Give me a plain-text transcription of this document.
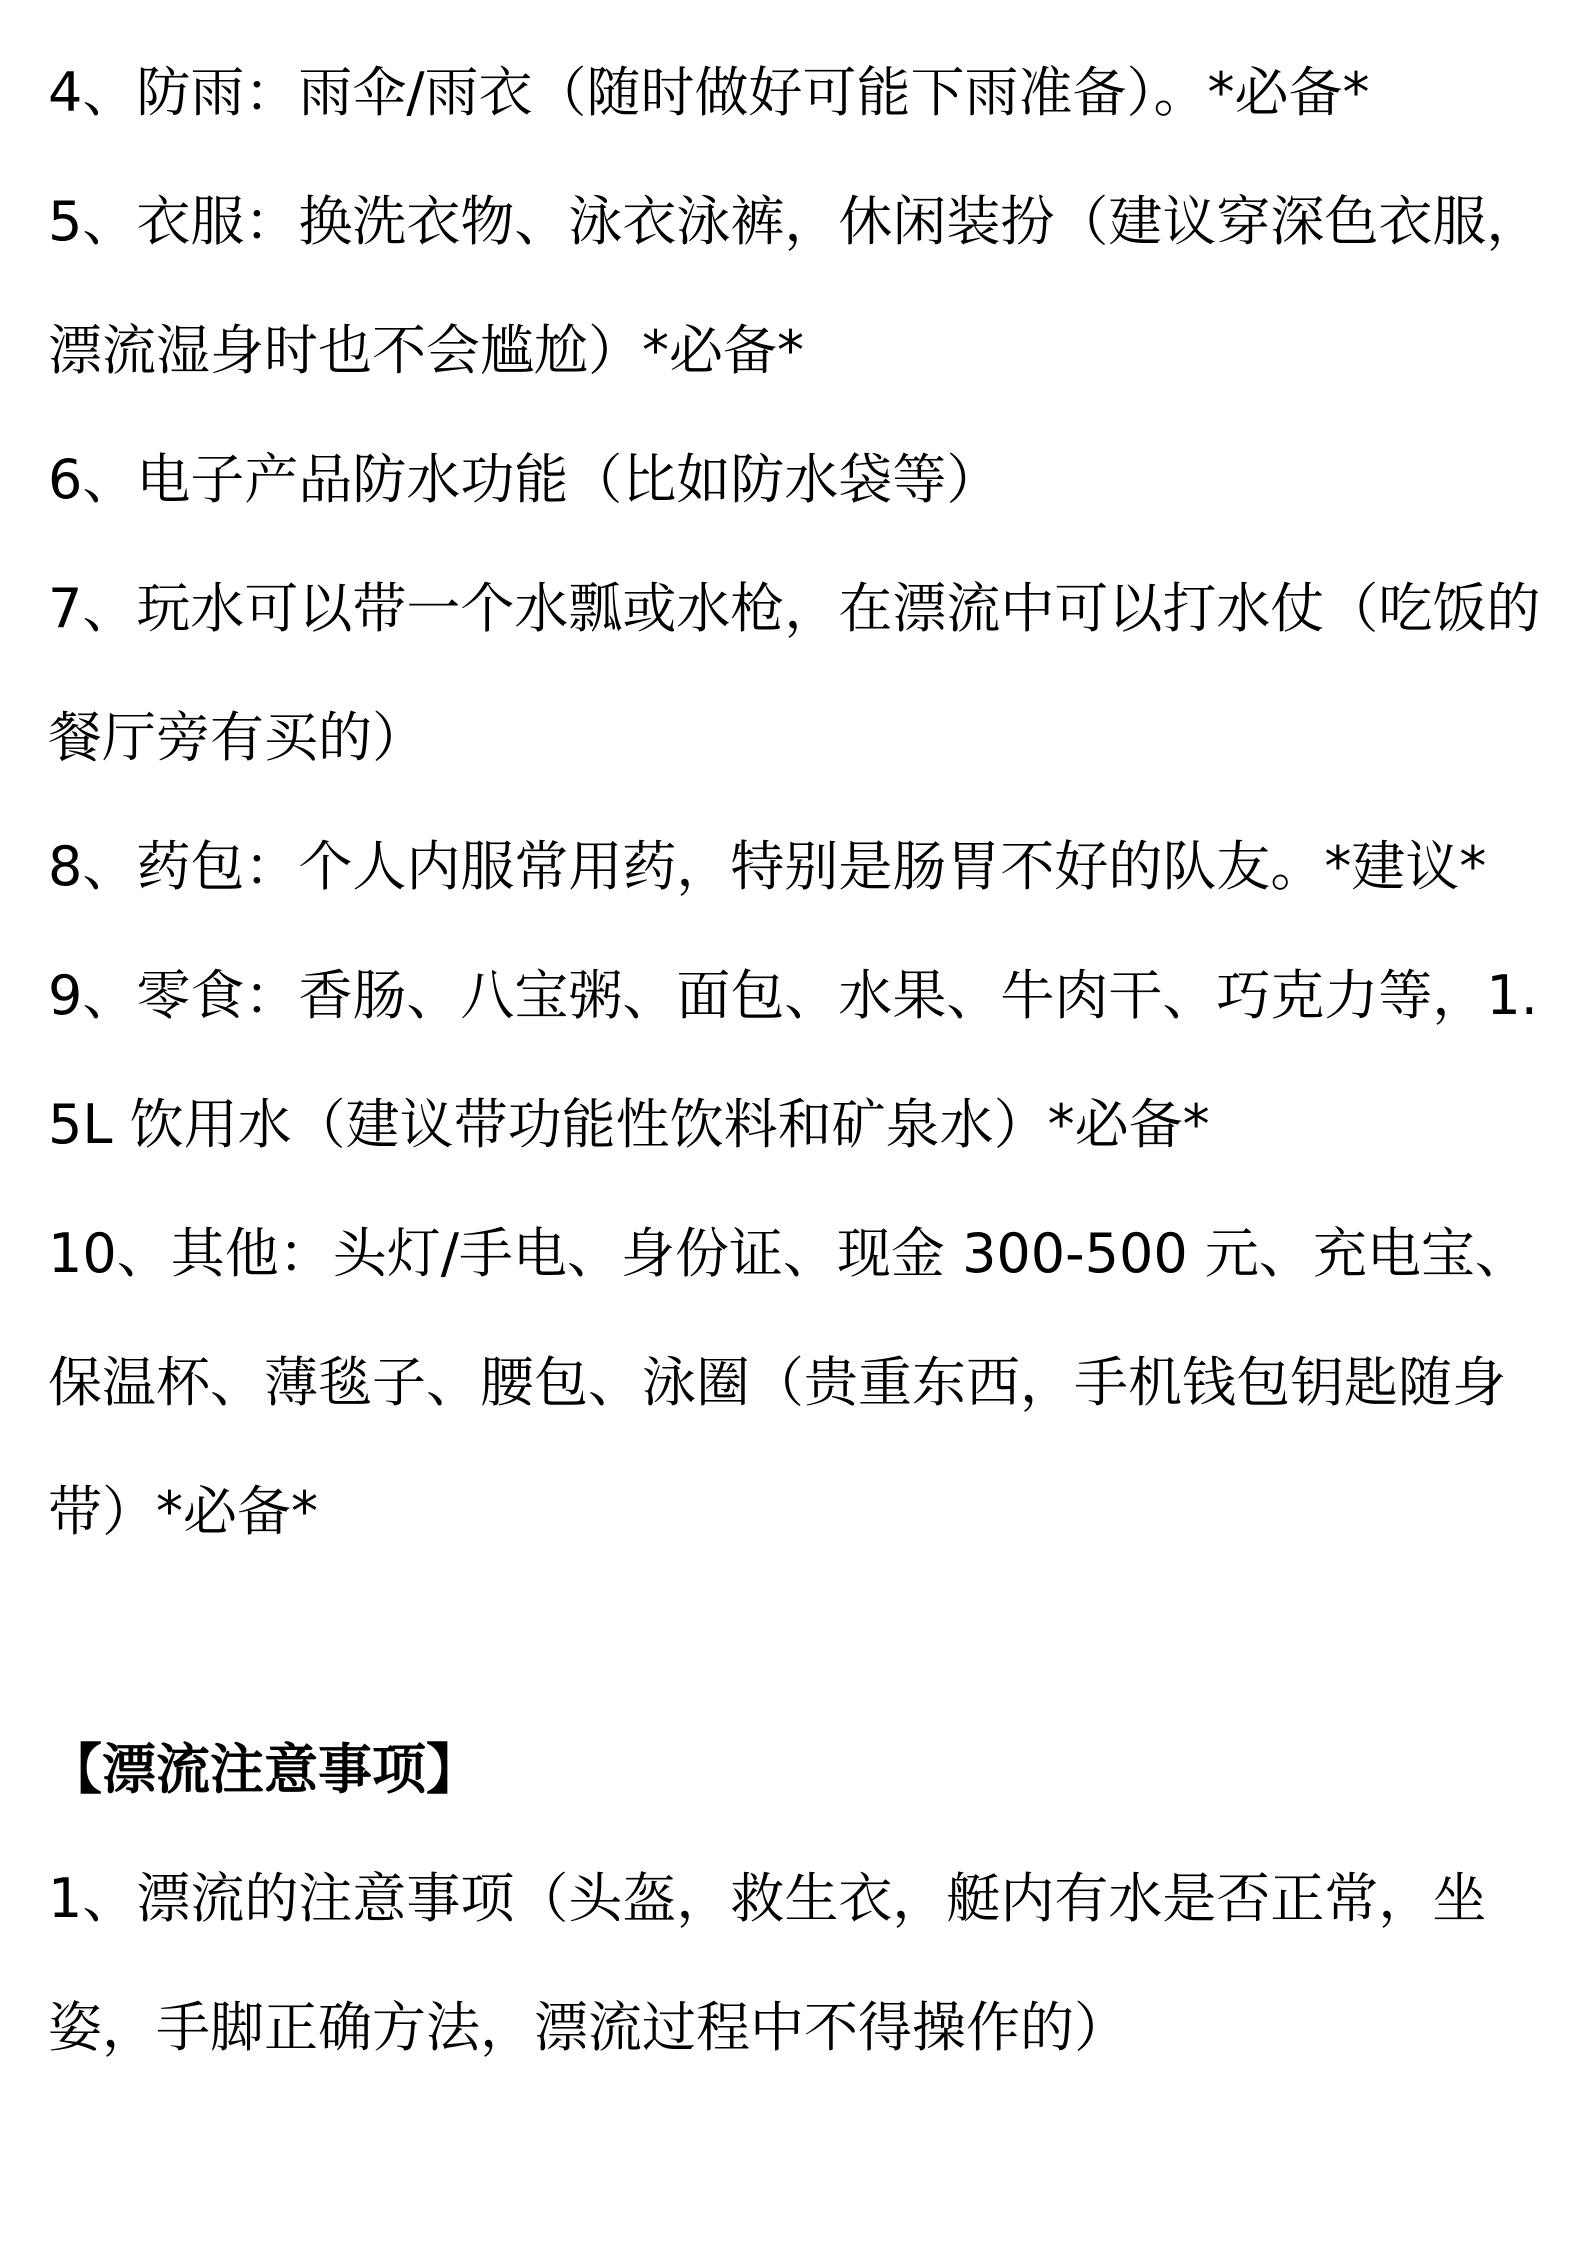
4、防雨：雨伞/雨衣（随时做好可能下雨准备）。*必备*

5、衣服：换洗衣物、泳衣泳裤，休闲装扮（建议穿深色衣服，漂流湿身时也不会尴尬）*必备*

6、电子产品防水功能（比如防水袋等）

7、玩水可以带一个水瓢或水枪，在漂流中可以打水仗（吃饭的餐厅旁有买的）

8、药包：个人内服常用药，特别是肠胃不好的队友。*建议*

9、零食：香肠、八宝粥、面包、水果、牛肉干、巧克力等，1.5L 饮用水（建议带功能性饮料和矿泉水）*必备*

10、其他：头灯/手电、身份证、现金 300-500 元、充电宝、保温杯、薄毯子、腰包、泳圈（贵重东西，手机钱包钥匙随身带）*必备*

【漂流注意事项】

1、漂流的注意事项（头盔，救生衣，艇内有水是否正常，坐姿，手脚正确方法，漂流过程中不得操作的）
